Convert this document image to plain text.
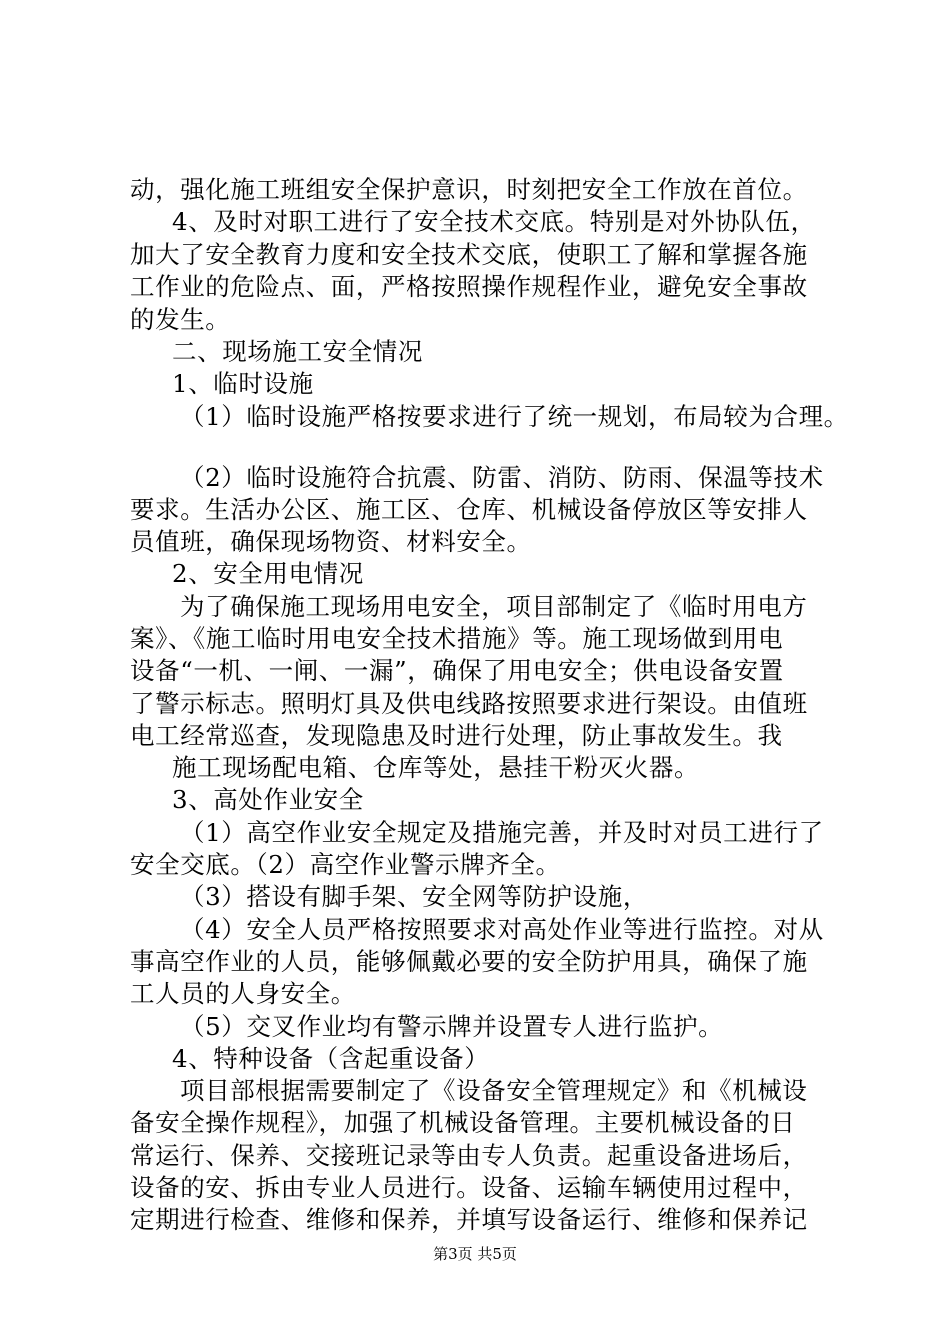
动，强化施工班组安全保护意识，时刻把安全工作放在首位。
4、及时对职工进行了安全技术交底。特别是对外协队伍，
加大了安全教育力度和安全技术交底，使职工了解和掌握各施
工作业的危险点、面，严格按照操作规程作业，避免安全事故
的发生。
二、现场施工安全情况
1、临时设施
（1）临时设施严格按要求进行了统一规划，布局较为合理。
（2）临时设施符合抗震、防雷、消防、防雨、保温等技术
要求。生活办公区、施工区、仓库、机械设备停放区等安排人
员值班，确保现场物资、材料安全。
2、安全用电情况
为了确保施工现场用电安全，项目部制定了《临时用电方
案》、《施工临时用电安全技术措施》等。施工现场做到用电
设备“一机、一闸、一漏”，确保了用电安全；供电设备安置
了警示标志。照明灯具及供电线路按照要求进行架设。由值班
电工经常巡查，发现隐患及时进行处理，防止事故发生。我
施工现场配电箱、仓库等处，悬挂干粉灭火器。
3、高处作业安全
（1）高空作业安全规定及措施完善，并及时对员工进行了
安全交底。（2）高空作业警示牌齐全。
（3）搭设有脚手架、安全网等防护设施，
（4）安全人员严格按照要求对高处作业等进行监控。对从
事高空作业的人员，能够佩戴必要的安全防护用具，确保了施
工人员的人身安全。
（5）交叉作业均有警示牌并设置专人进行监护。
4、特种设备（含起重设备）
项目部根据需要制定了《设备安全管理规定》和《机械设
备安全操作规程》，加强了机械设备管理。主要机械设备的日
常运行、保养、交接班记录等由专人负责。起重设备进场后，
设备的安、拆由专业人员进行。设备、运输车辆使用过程中，
定期进行检查、维修和保养，并填写设备运行、维修和保养记
第3页 共5页
